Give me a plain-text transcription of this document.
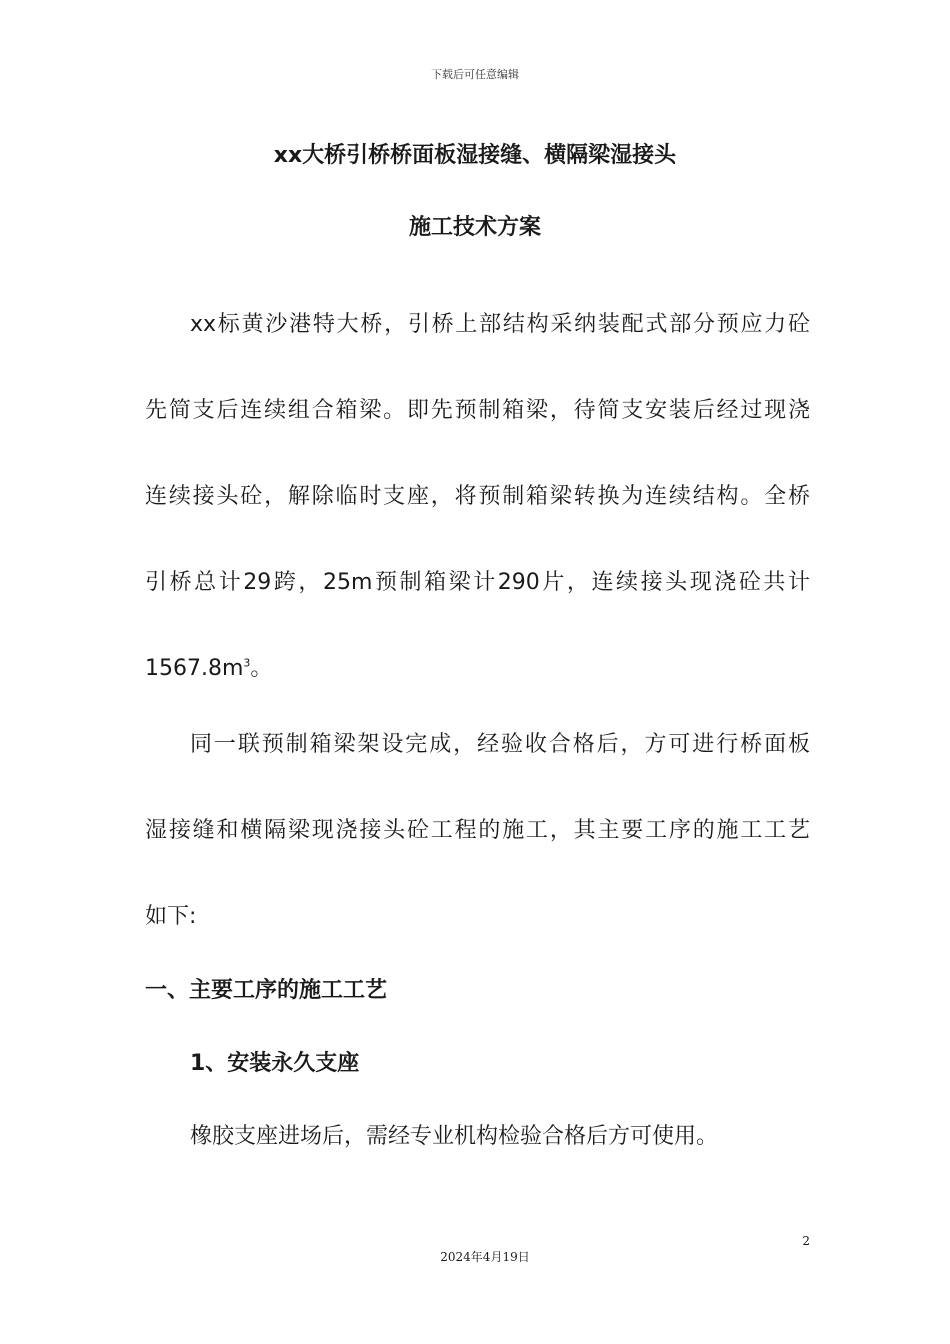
下载后可任意编辑
xx大桥引桥桥面板湿接缝、横隔梁湿接头
施工技术方案
xx标黄沙港特大桥，引桥上部结构采纳装配式部分预应力砼
先简支后连续组合箱梁。即先预制箱梁，待简支安装后经过现浇
连续接头砼，解除临时支座，将预制箱梁转换为连续结构。全桥
引桥总计29跨，25m预制箱梁计290片，连续接头现浇砼共计
$1567.8m^3$。
同一联预制箱梁架设完成，经验收合格后，方可进行桥面板
湿接缝和横隔梁现浇接头砼工程的施工，其主要工序的施工工艺
如下:
一、主要工序的施工工艺
1、安装永久支座
橡胶支座进场后，需经专业机构检验合格后方可使用。
2
2024年4月19日
